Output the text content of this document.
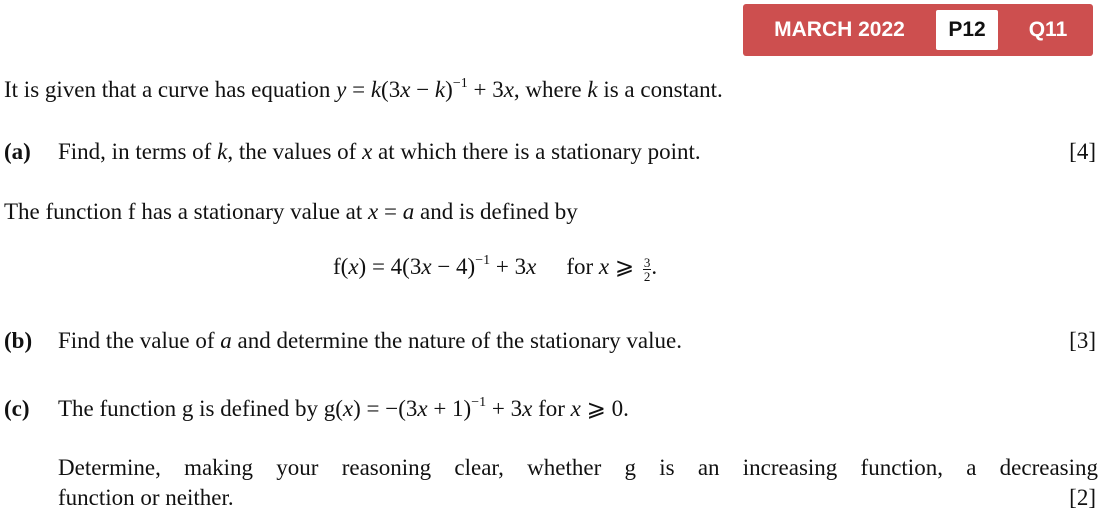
MARCH 2022	P12	Q11
It is given that a curve has equation $y = k(3x - k)^{-1} + 3x$, where k is a constant.
(a) Find, in terms of k, the values of x at which there is a stationary point.	[4]
The function f has a stationary value at x = a and is defined by
$f(x) = 4(3x - 4)^{-1} + 3x$ for x ⩾ $\frac{3}{2}$ .
(b) Find the value of a and determine the nature of the stationary value.	[3]
(c) The function g is defined by $g(x) = -(3x + 1)^{-1} + 3x$ for x ⩾ 0.
Determine, making your reasoning clear, whether g is an increasing function, a decreasing
function or neither.	[2]
